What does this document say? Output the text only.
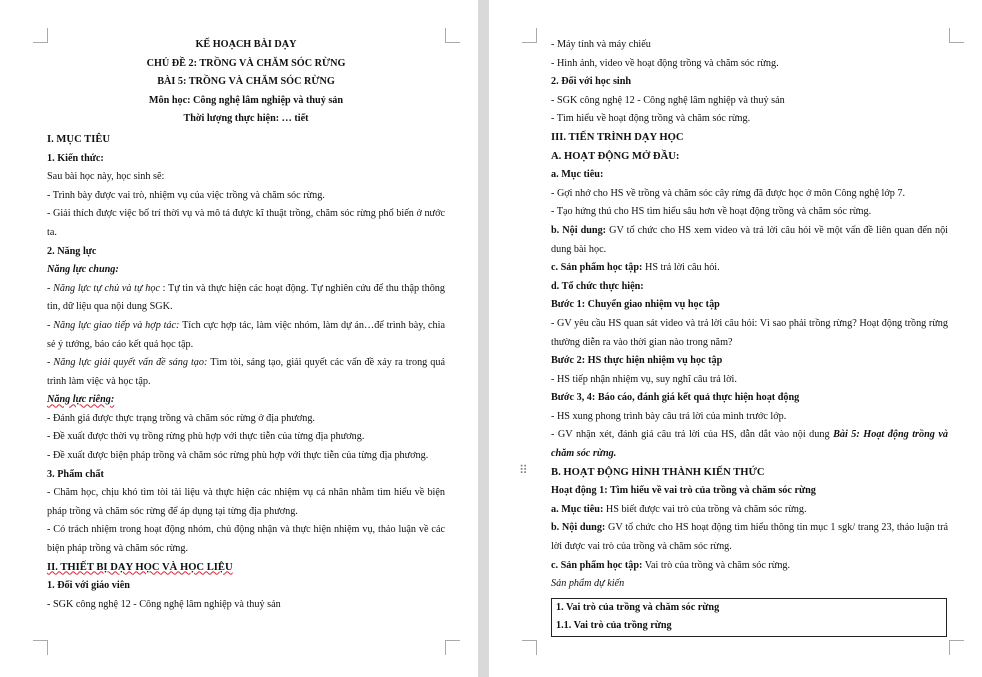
KẾ HOẠCH BÀI DẠY

CHỦ ĐỀ 2: TRỒNG VÀ CHĂM SÓC RỪNG

BÀI 5: TRỒNG VÀ CHĂM SÓC RỪNG

Môn học: Công nghệ lâm nghiệp và thuỷ sản

Thời lượng thực hiện: … tiết

I. MỤC TIÊU

1. Kiến thức:

Sau bài học này, học sinh sẽ:

- Trình bày được vai trò, nhiệm vụ của việc trồng và chăm sóc rừng.

- Giải thích được việc bố trí thời vụ và mô tả được kĩ thuật trồng, chăm sóc rừng phổ biến ở nước ta.

2. Năng lực

Năng lực chung:

- Năng lực tự chủ và tự học : Tự tin và thực hiện các hoạt động. Tự nghiên cứu để thu thập thông tin, dữ liệu qua nội dung SGK.

- Năng lực giao tiếp và hợp tác: Tích cực hợp tác, làm việc nhóm, làm dự án…để trình bày, chia sẻ ý tưởng, báo cáo kết quả học tập.

- Năng lực giải quyết vấn đề sáng tạo: Tìm tòi, sáng tạo, giải quyết các vấn đề xảy ra trong quá trình làm việc và học tập.

Năng lực riêng:

- Đánh giá được thực trạng trồng và chăm sóc rừng ở địa phương.

- Đề xuất được thời vụ trồng rừng phù hợp với thực tiễn của từng địa phương.

- Đề xuất được biện pháp trồng và chăm sóc rừng phù hợp với thực tiễn của từng địa phương.

3. Phẩm chất

- Chăm học, chịu khó tìm tòi tài liệu và thực hiện các nhiệm vụ cá nhân nhằm tìm hiểu về biện pháp trồng và chăm sóc rừng để áp dụng tại từng địa phương.

- Có trách nhiệm trong hoạt động nhóm, chủ động nhận và thực hiện nhiệm vụ, thảo luận về các biện pháp trồng và chăm sóc rừng.

II. THIẾT BỊ DẠY HỌC VÀ HỌC LIỆU

1. Đối với giáo viên

- SGK công nghệ 12 - Công nghệ lâm nghiệp và thuỷ sản

- Máy tính và máy chiếu

- Hình ảnh, video về hoạt động trồng và chăm sóc rừng.

2. Đối với học sinh

- SGK công nghệ 12 - Công nghệ lâm nghiệp và thuỷ sản

- Tìm hiểu về hoạt động trồng và chăm sóc rừng.

III. TIẾN TRÌNH DẠY HỌC

A. HOẠT ĐỘNG MỞ ĐẦU:

a. Mục tiêu:

- Gợi nhớ cho HS về trồng và chăm sóc cây rừng đã được học ở môn Công nghệ lớp 7.

- Tạo hứng thú cho HS tìm hiểu sâu hơn về hoạt động trồng và chăm sóc rừng.

b. Nội dung: GV tổ chức cho HS xem video và trả lời câu hỏi về một vấn đề liên quan đến nội dung bài học.

c. Sản phẩm học tập: HS trả lời câu hỏi.

d. Tổ chức thực hiện:

Bước 1: Chuyển giao nhiệm vụ học tập

- GV yêu cầu HS quan sát video và trả lời câu hỏi: Vì sao phải trồng rừng? Hoạt động trồng rừng thường diễn ra vào thời gian nào trong năm?

Bước 2: HS thực hiện nhiệm vụ học tập

- HS tiếp nhận nhiệm vụ, suy nghĩ câu trả lời.

Bước 3, 4: Báo cáo, đánh giá kết quả thực hiện hoạt động

- HS xung phong trình bày câu trả lời của mình trước lớp.

- GV nhận xét, đánh giá câu trả lời của HS, dẫn dắt vào nội dung Bài 5: Hoạt động trồng và chăm sóc rừng.

B. HOẠT ĐỘNG HÌNH THÀNH KIẾN THỨC

Hoạt động 1: Tìm hiểu về vai trò của trồng và chăm sóc rừng

a. Mục tiêu: HS biết được vai trò của trồng và chăm sóc rừng.

b. Nội dung: GV tổ chức cho HS hoạt động tìm hiểu thông tin mục 1 sgk/ trang 23, thảo luận trả lời được vai trò của trồng và chăm sóc rừng.

c. Sản phẩm học tập: Vai trò của trồng và chăm sóc rừng.

Sản phẩm dự kiến

1. Vai trò của trồng và chăm sóc rừng

1.1. Vai trò của trồng rừng

⠿
